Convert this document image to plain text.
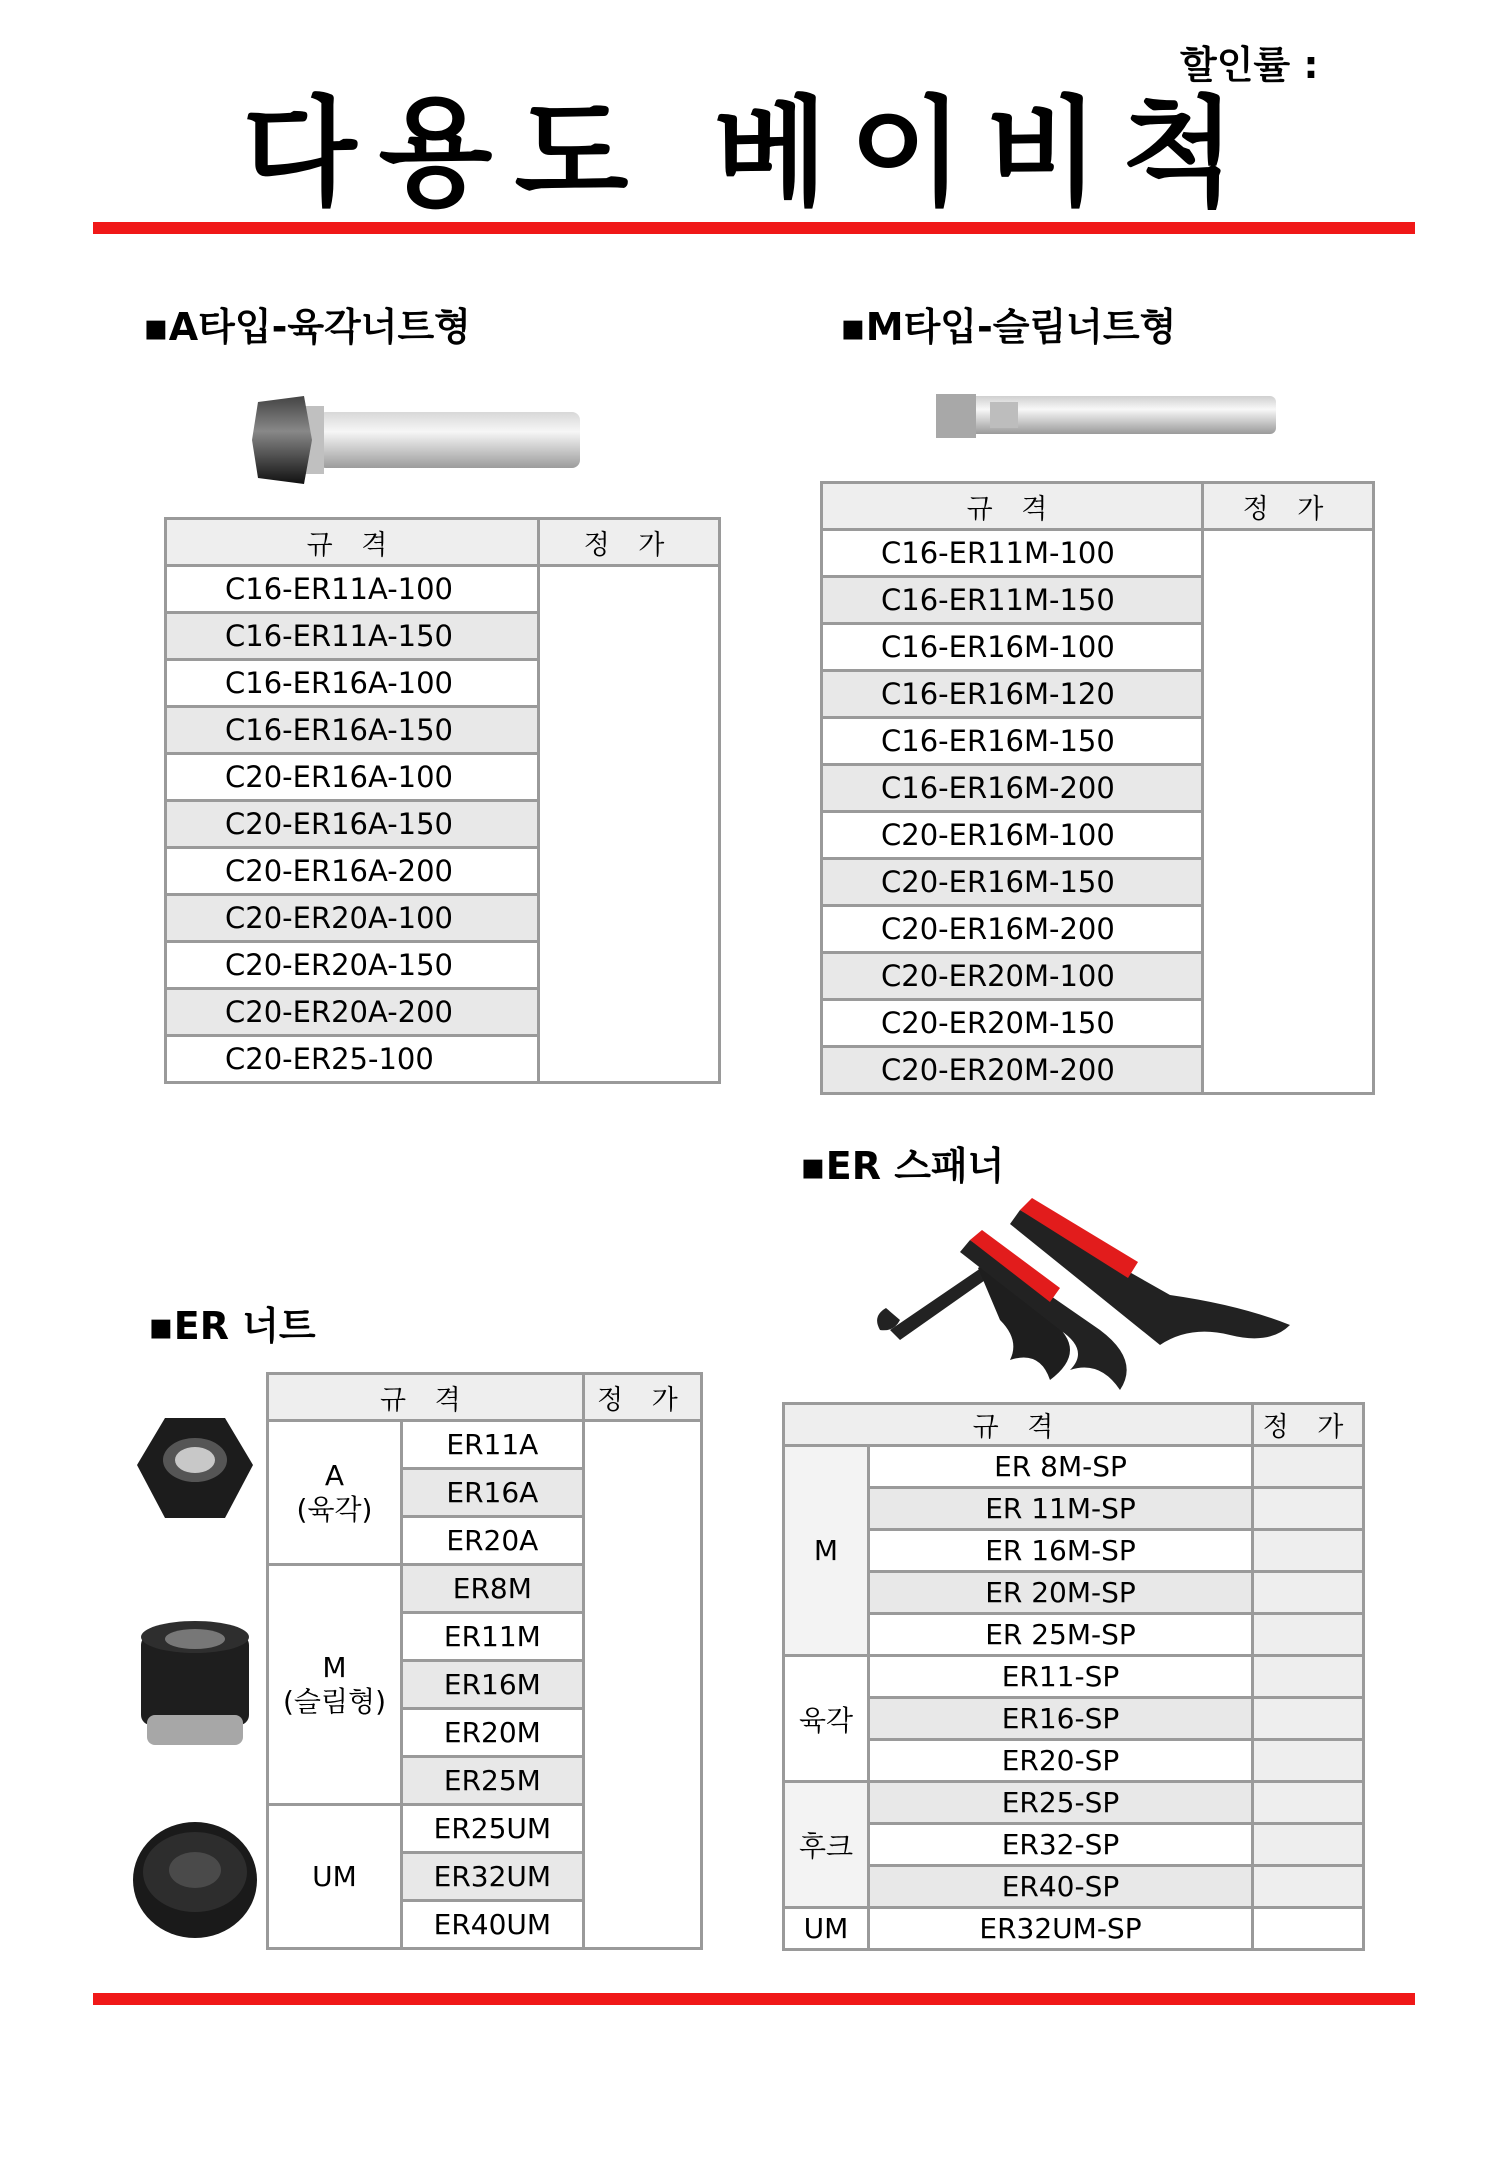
할인률 :
다용도 베이비척
▪A타입-육각너트형
규 격	정 가
C16-ER11A-100	
C16-ER11A-150	
C16-ER16A-100	
C16-ER16A-150	
C20-ER16A-100	
C20-ER16A-150	
C20-ER16A-200	
C20-ER20A-100	
C20-ER20A-150	
C20-ER20A-200	
C20-ER25-100	
▪M타입-슬림너트형
규 격	정 가
C16-ER11M-100	
C16-ER11M-150	
C16-ER16M-100	
C16-ER16M-120	
C16-ER16M-150	
C16-ER16M-200	
C20-ER16M-100	
C20-ER16M-150	
C20-ER16M-200	
C20-ER20M-100	
C20-ER20M-150	
C20-ER20M-200	
▪ER 스패너
▪ER 너트
규 격		정 가
A
(육각)	ER11A	
	ER16A	
	ER20A	
M
(슬림형)	ER8M	
	ER11M	
	ER16M	
	ER20M	
	ER25M	
UM	ER25UM	
	ER32UM	
	ER40UM	
규 격		정 가	
M	ER 8M-SP			
	ER 11M-SP			
	ER 16M-SP			
	ER 20M-SP			
	ER 25M-SP			
육각	ER11-SP			
	ER16-SP			
	ER20-SP			
후크	ER25-SP			
	ER32-SP			
	ER40-SP			
UM	ER32UM-SP		
